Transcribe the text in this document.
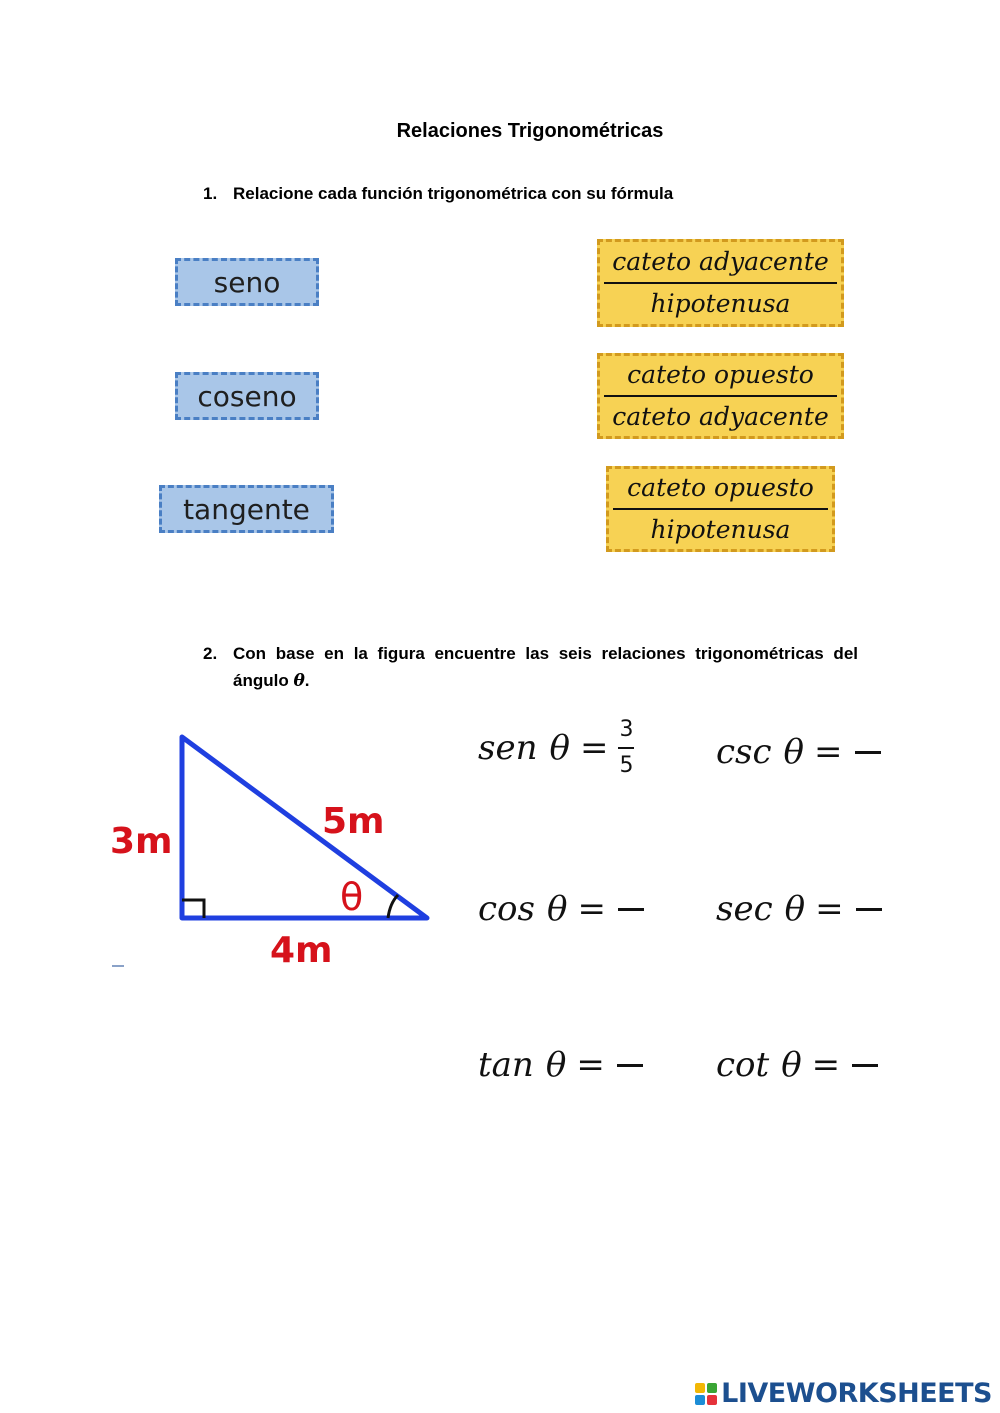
Relaciones Trigonométricas
1. Relacione cada función trigonométrica con su fórmula
seno
coseno
tangente
cateto adyacente
hipotenusa
cateto opuesto
cateto adyacente
cateto opuesto
hipotenusa
2. Con base en la figura encuentre las seis relaciones trigonométricas del ángulo θ.
3m	5m
4m
θ
sen $\theta = \frac{3}{5}$ csc θ =
cos θ =	sec θ =
tan θ =	cot θ =
LIVEWORKSHEETS
